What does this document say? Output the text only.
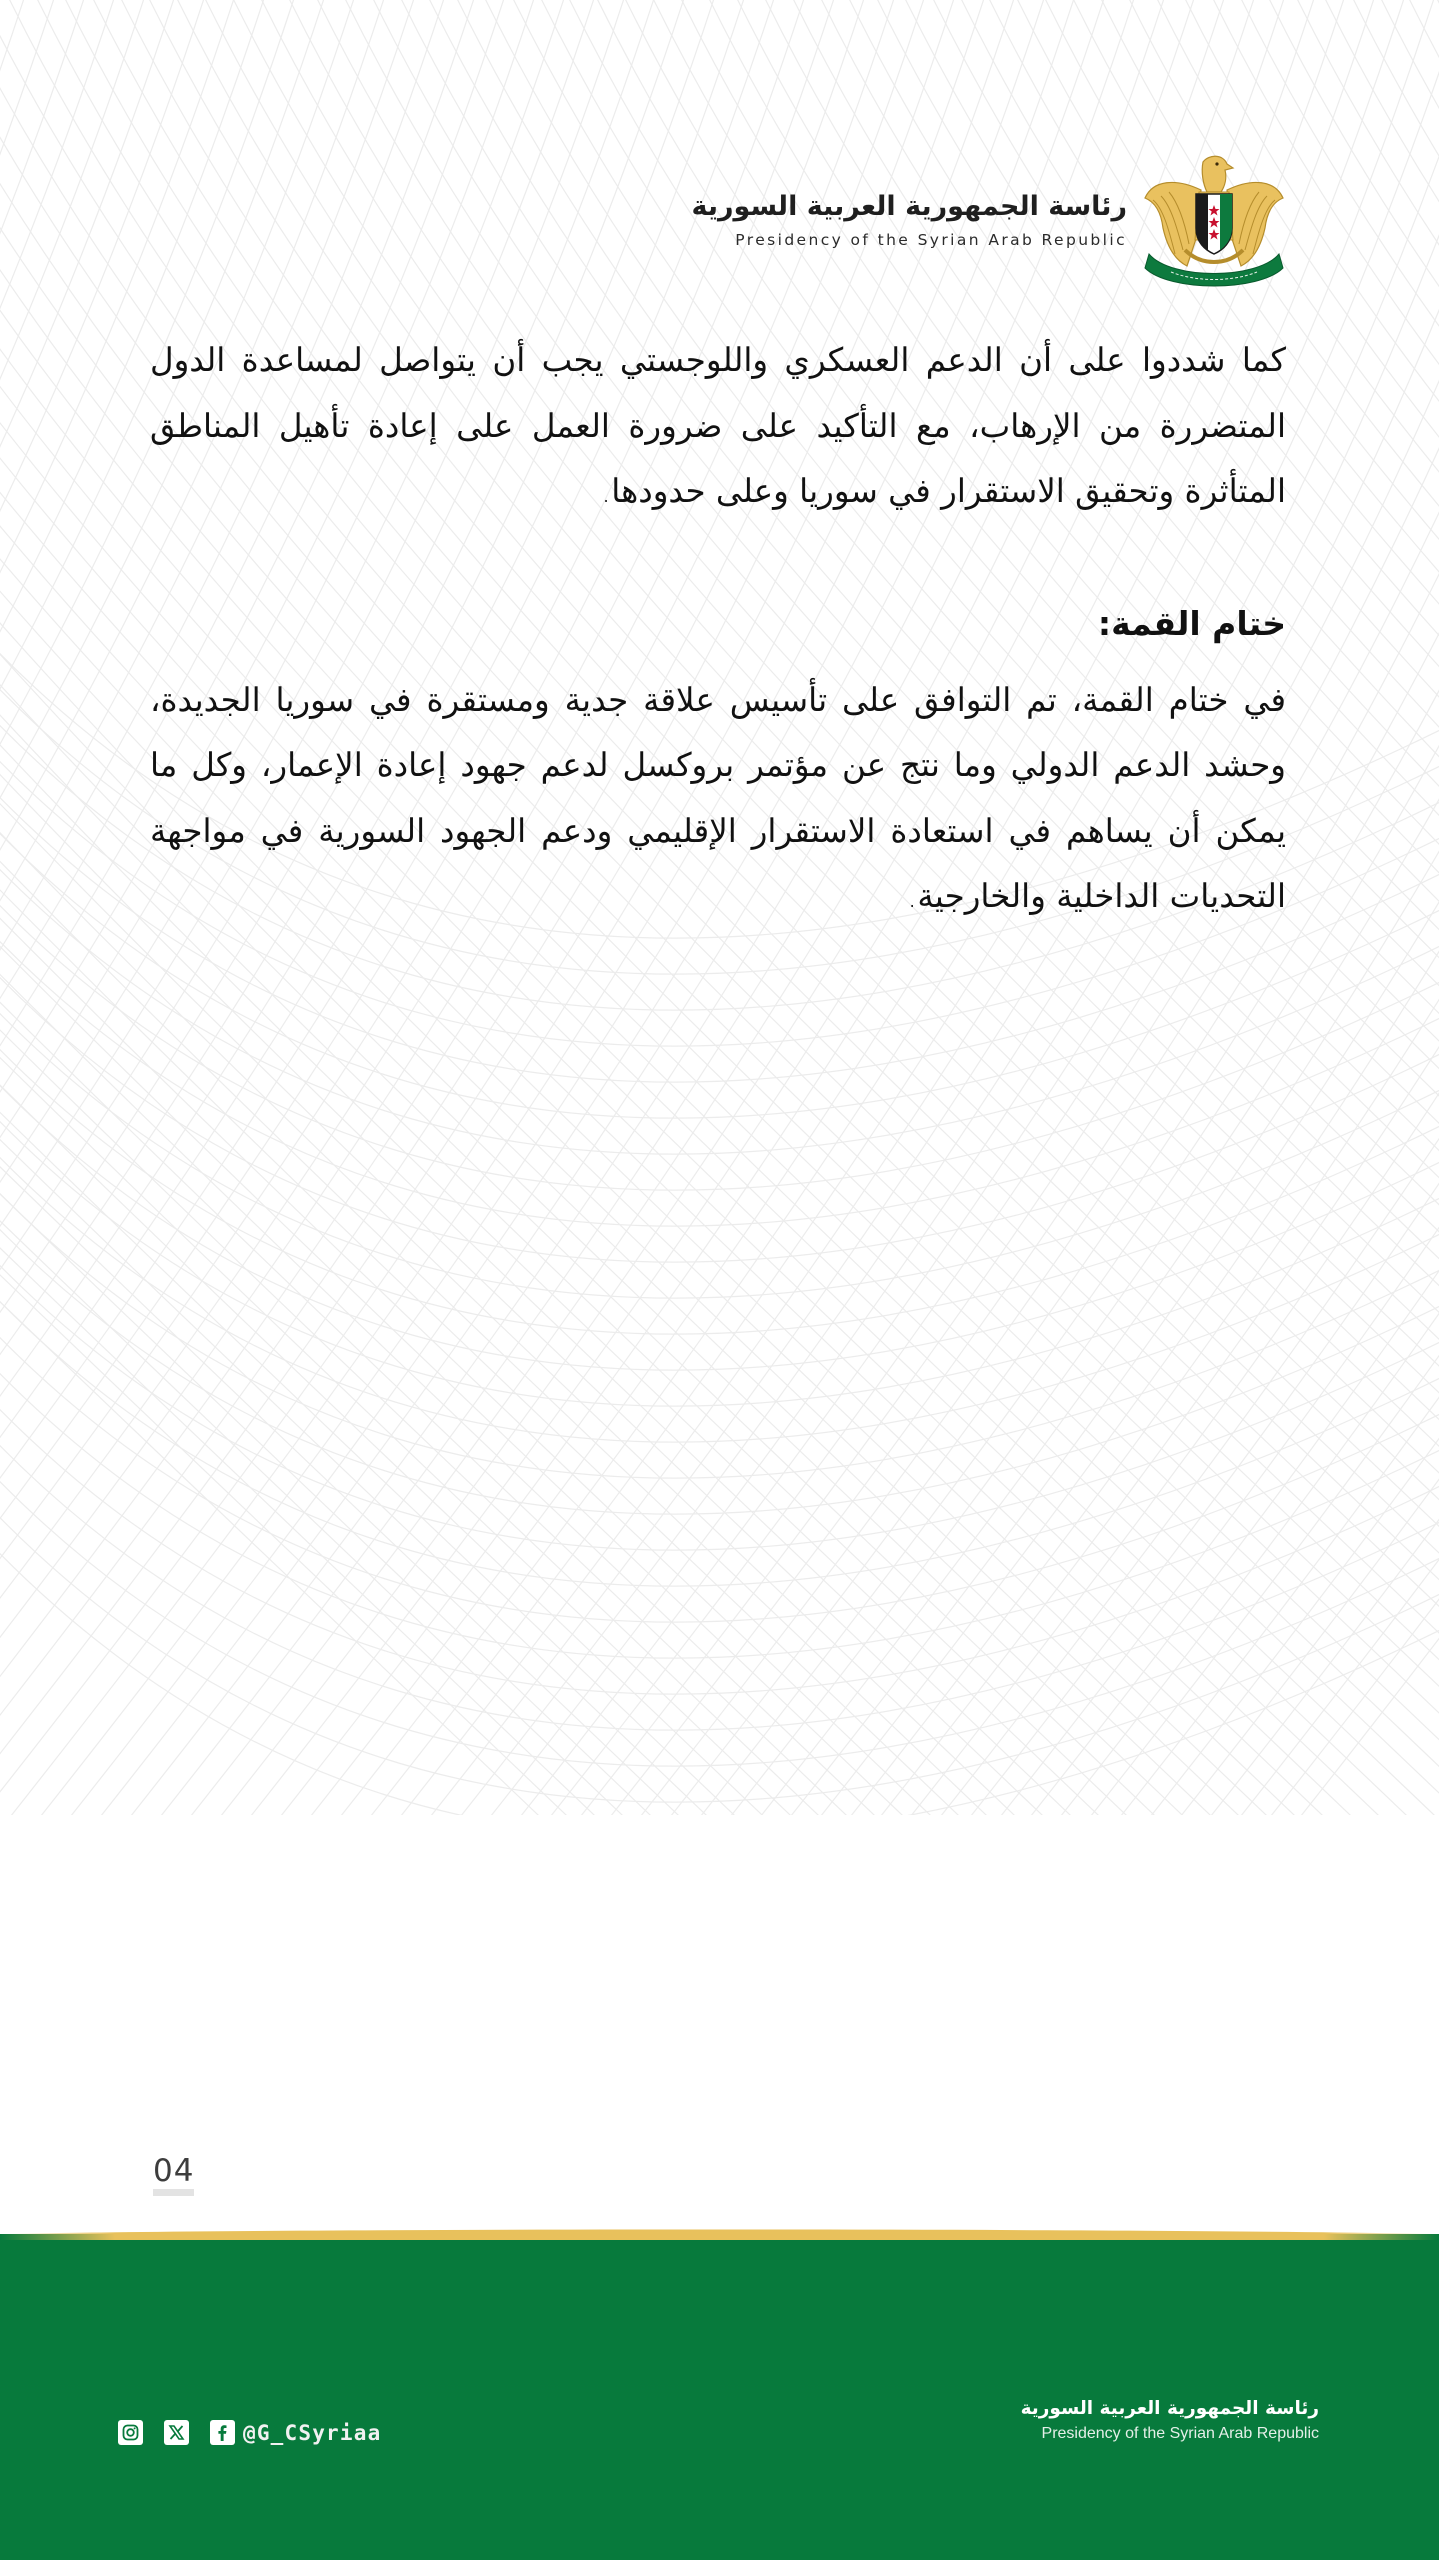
رئاسة الجمهورية العربية السورية
Presidency of the Syrian Arab Republic

كما شددوا على أن الدعم العسكري واللوجستي يجب أن يتواصل لمساعدة الدول المتضررة من الإرهاب، مع التأكيد على ضرورة العمل على إعادة تأهيل المناطق المتأثرة وتحقيق الاستقرار في سوريا وعلى حدودها.

ختام القمة:

في ختام القمة، تم التوافق على تأسيس علاقة جدية ومستقرة في سوريا الجديدة، وحشد الدعم الدولي وما نتج عن مؤتمر بروكسل لدعم جهود إعادة الإعمار، وكل ما يمكن أن يساهم في استعادة الاستقرار الإقليمي ودعم الجهود السورية في مواجهة التحديات الداخلية والخارجية.

04
@G_CSyriaa
رئاسة الجمهورية العربية السورية
Presidency of the Syrian Arab Republic
